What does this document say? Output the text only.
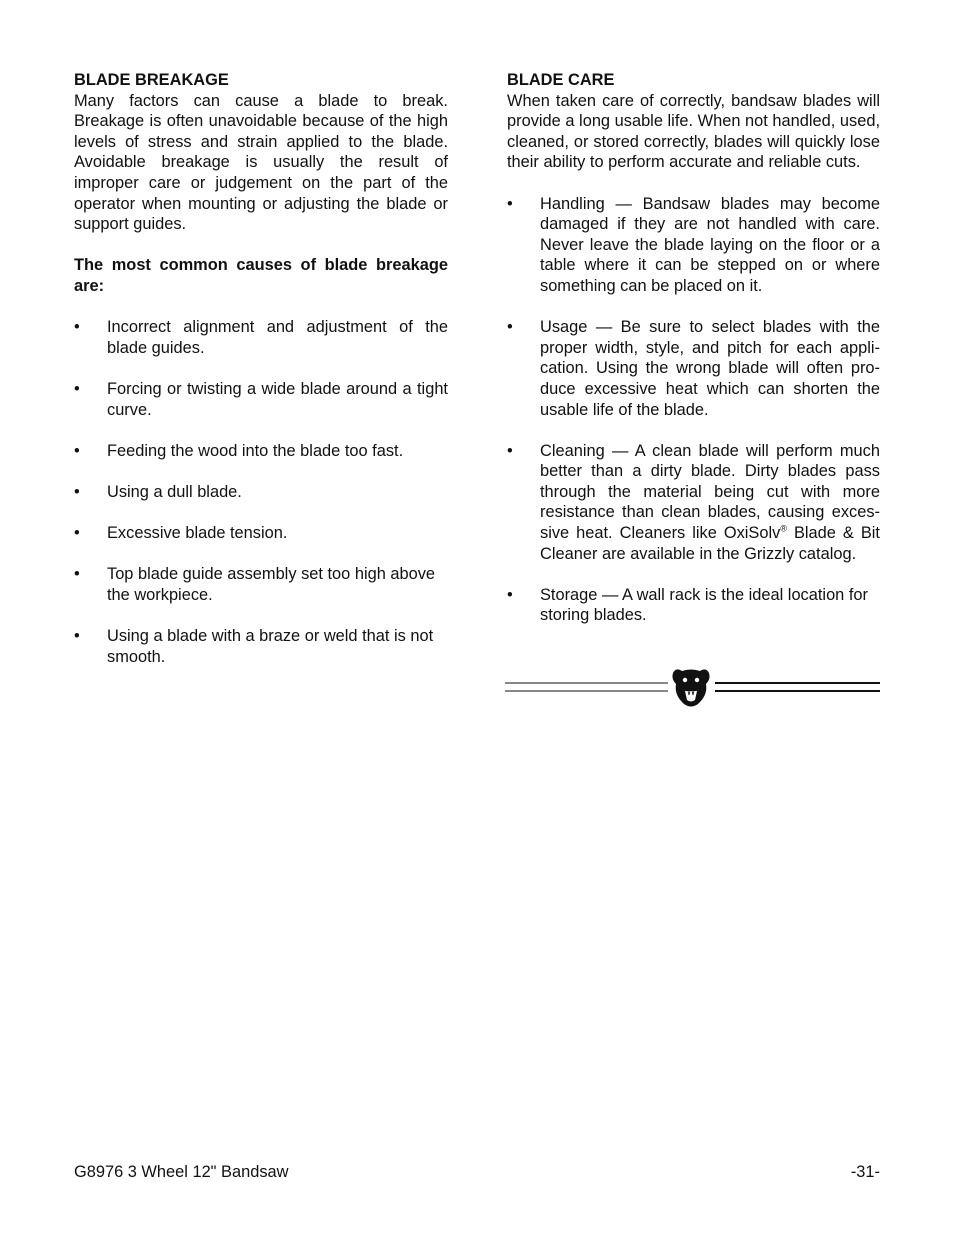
BLADE BREAKAGE

Many factors can cause a blade to break. Breakage is often unavoidable because of the high levels of stress and strain applied to the blade. Avoidable breakage is usually the result of improper care or judgement on the part of the operator when mounting or adjusting the blade or support guides.

The most common causes of blade breakage are:

• Incorrect alignment and adjustment of the blade guides.
• Forcing or twisting a wide blade around a tight curve.
• Feeding the wood into the blade too fast.
• Using a dull blade.
• Excessive blade tension.
• Top blade guide assembly set too high above the workpiece.
• Using a blade with a braze or weld that is not smooth.

BLADE CARE

When taken care of correctly, bandsaw blades will provide a long usable life. When not handled, used, cleaned, or stored correctly, blades will quickly lose their ability to perform accurate and reliable cuts.

• Handling — Bandsaw blades may become damaged if they are not handled with care. Never leave the blade laying on the floor or a table where it can be stepped on or where something can be placed on it.
• Usage — Be sure to select blades with the proper width, style, and pitch for each appli-cation. Using the wrong blade will often pro-duce excessive heat which can shorten the usable life of the blade.
• Cleaning — A clean blade will perform much better than a dirty blade. Dirty blades pass through the material being cut with more resistance than clean blades, causing exces-sive heat. Cleaners like OxiSolv® Blade & Bit Cleaner are available in the Grizzly catalog.
• Storage — A wall rack is the ideal location for storing blades.
G8976 3 Wheel 12" Bandsaw	-31-
